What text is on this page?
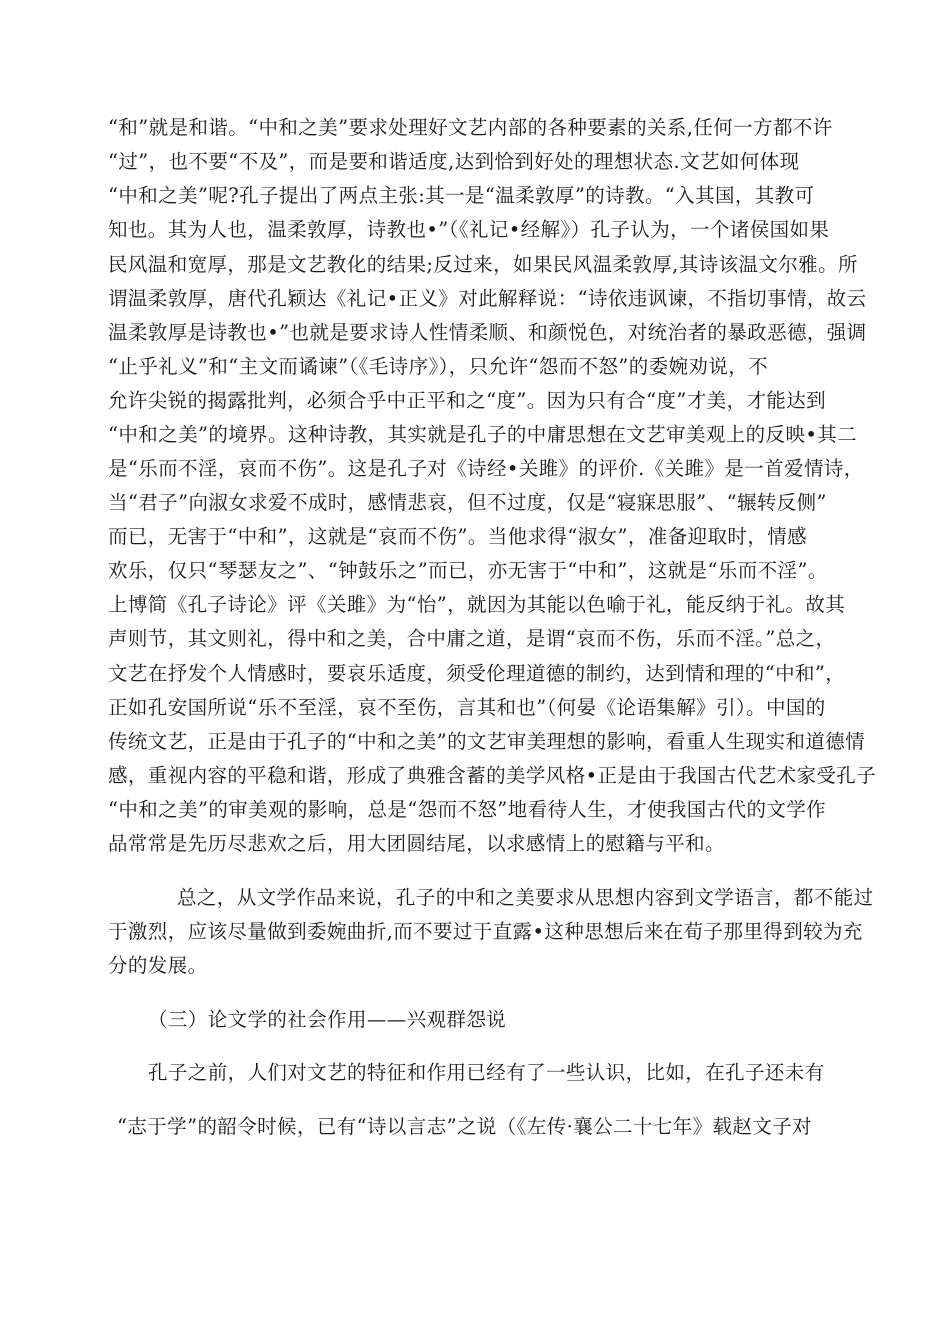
“和”就是和谐。“中和之美”要求处理好文艺内部的各种要素的关系,任何一方都不许
“过”，也不要“不及”，而是要和谐适度,达到恰到好处的理想状态.文艺如何体现
“中和之美”呢?孔子提出了两点主张:其一是“温柔敦厚”的诗教。“入其国，其教可
知也。其为人也，温柔敦厚，诗教也•”（《礼记•经解》）孔子认为，一个诸侯国如果
民风温和宽厚，那是文艺教化的结果;反过来，如果民风温柔敦厚,其诗该温文尔雅。所
谓温柔敦厚，唐代孔颖达《礼记•正义》对此解释说：“诗依违讽谏，不指切事情，故云
温柔敦厚是诗教也•”也就是要求诗人性情柔顺、和颜悦色，对统治者的暴政恶德，强调
“止乎礼义”和“主文而谲谏”（《毛诗序》），只允许“怨而不怒”的委婉劝说，不
允许尖锐的揭露批判，必须合乎中正平和之“度”。因为只有合“度”才美，才能达到
“中和之美”的境界。这种诗教，其实就是孔子的中庸思想在文艺审美观上的反映•其二
是“乐而不淫，哀而不伤”。这是孔子对《诗经•关雎》的评价.《关雎》是一首爱情诗，
当“君子”向淑女求爱不成时，感情悲哀，但不过度，仅是“寝寐思服”、“辗转反侧”
而已，无害于“中和”，这就是“哀而不伤”。当他求得“淑女”，准备迎取时，情感
欢乐，仅只“琴瑟友之”、“钟鼓乐之”而已，亦无害于“中和”，这就是“乐而不淫”。
上博简《孔子诗论》评《关雎》为“怡”，就因为其能以色喻于礼，能反纳于礼。故其
声则节，其文则礼，得中和之美，合中庸之道，是谓“哀而不伤，乐而不淫。”总之，
文艺在抒发个人情感时，要哀乐适度，须受伦理道德的制约，达到情和理的“中和”，
正如孔安国所说“乐不至淫，哀不至伤，言其和也”（何晏《论语集解》引）。中国的
传统文艺，正是由于孔子的“中和之美”的文艺审美理想的影响，看重人生现实和道德情
感，重视内容的平稳和谐，形成了典雅含蓄的美学风格•正是由于我国古代艺术家受孔子
“中和之美”的审美观的影响，总是“怨而不怒”地看待人生，才使我国古代的文学作
品常常是先历尽悲欢之后，用大团圆结尾，以求感情上的慰籍与平和。
总之，从文学作品来说，孔子的中和之美要求从思想内容到文学语言，都不能过
于激烈，应该尽量做到委婉曲折,而不要过于直露•这种思想后来在荀子那里得到较为充
分的发展。
（三）论文学的社会作用——兴观群怨说
孔子之前，人们对文艺的特征和作用已经有了一些认识，比如，在孔子还未有
“志于学”的韶令时候，已有“诗以言志”之说（《左传·襄公二十七年》载赵文子对
